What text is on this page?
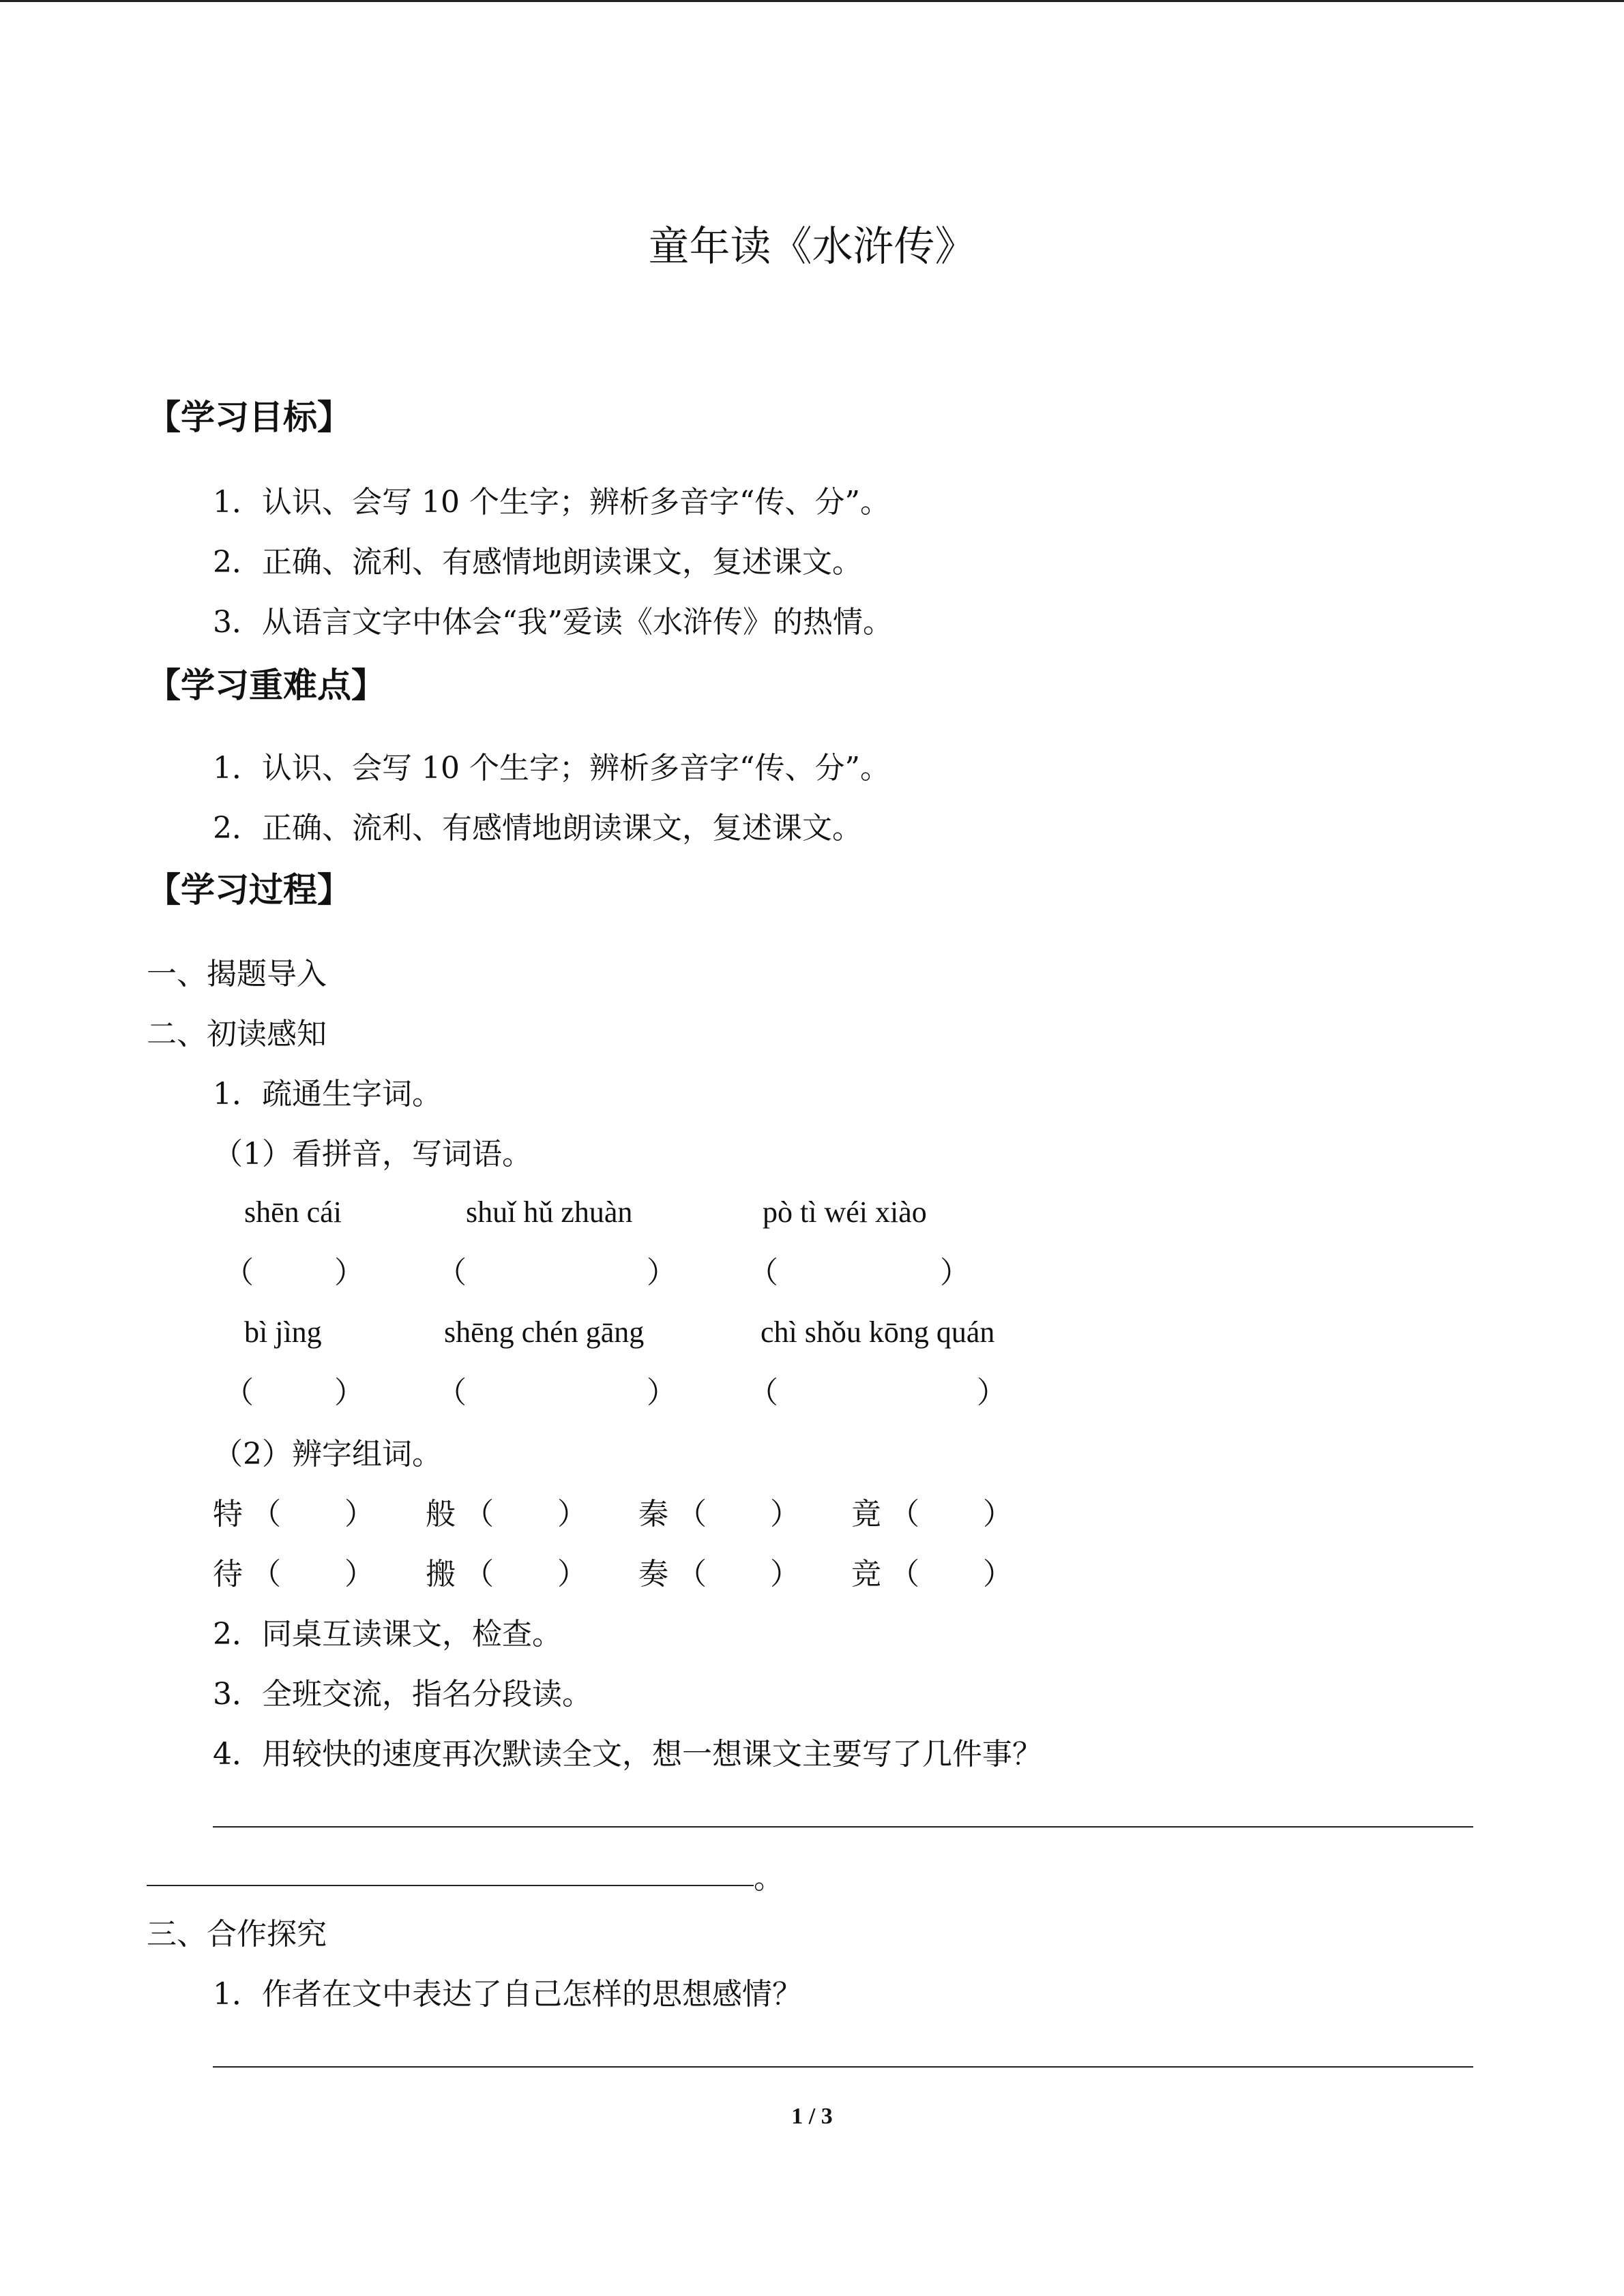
童年读《水浒传》
【学习目标】
1．认识、会写 10 个生字；辨析多音字“传、分”。
2．正确、流利、有感情地朗读课文，复述课文。
3．从语言文字中体会“我”爱读《水浒传》的热情。
【学习重难点】
1．认识、会写 10 个生字；辨析多音字“传、分”。
2．正确、流利、有感情地朗读课文，复述课文。
【学习过程】
一、揭题导入
二、初读感知
1．疏通生字词。
（1）看拼音，写词语。
shēn cái	shuǐ hǔ zhuàn	pò tì wéi xiào
（	） （	） （	）
bì jìng	shēng chén gāng	chì shǒu kōng quán
（	） （	） （	）
（2）辨字组词。
特 （ ） 般 （ ） 秦 （ ） 竟 （ ）
待 （ ） 搬 （ ） 奏 （ ） 竞 （ ）
2．同桌互读课文，检查。
3．全班交流，指名分段读。
4．用较快的速度再次默读全文，想一想课文主要写了几件事？
。
三、合作探究
1．作者在文中表达了自己怎样的思想感情？
1 / 3
